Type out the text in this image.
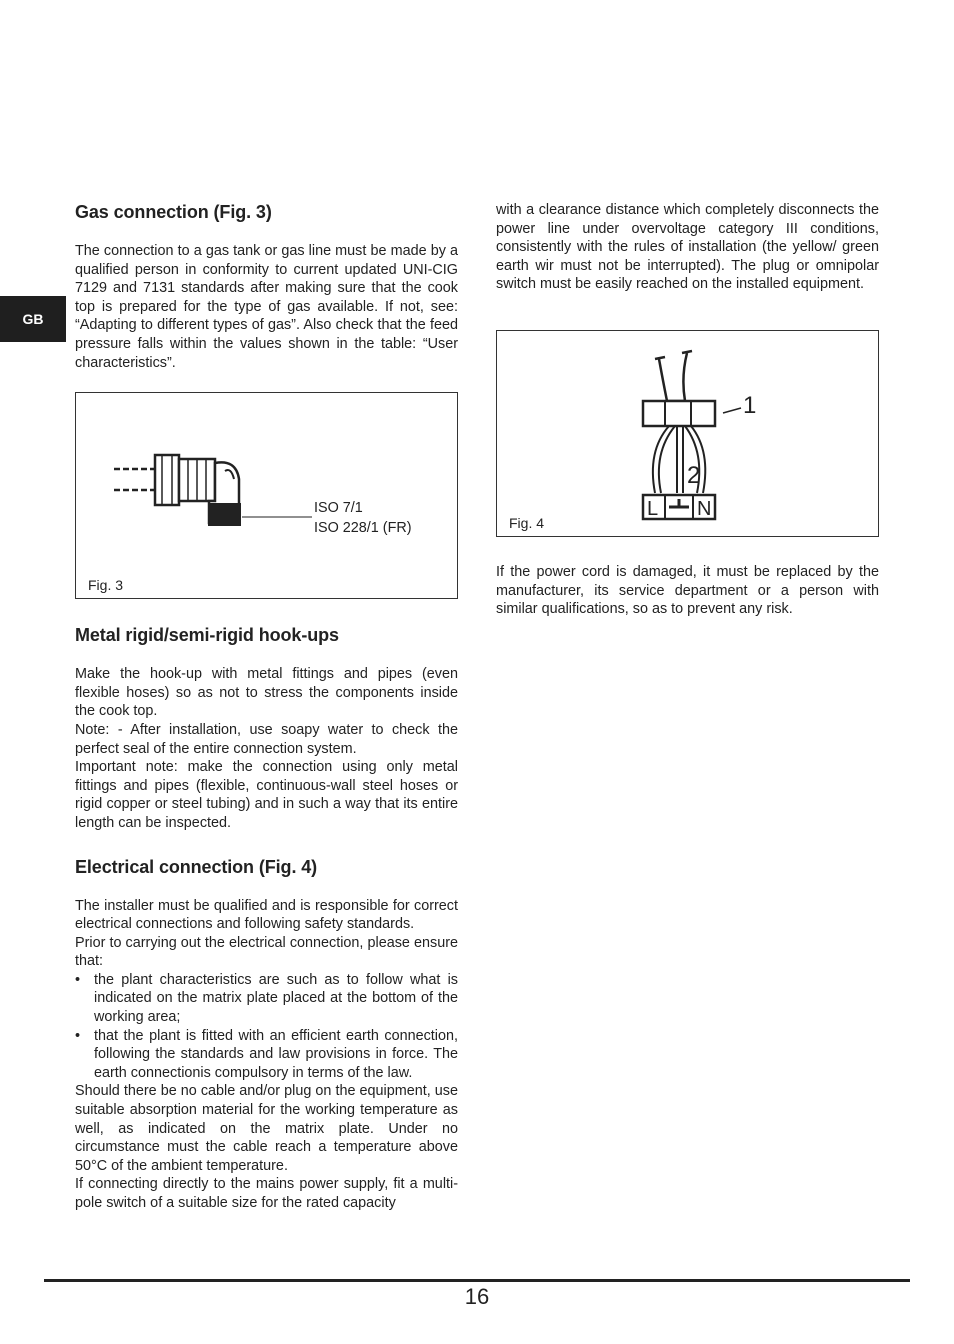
GB
Gas connection (Fig. 3)

The connection to a gas tank or gas line must be made by a qualified person in conformity to current updated UNI-CIG 7129 and 7131 standards after making sure that the cook top is prepared for the type of gas available. If not, see: “Adapting to different types of gas”. Also check that the feed pressure falls within the values shown in the table: “User characteristics”.

ISO 7/1
ISO 228/1 (FR)
Fig. 3
Metal rigid/semi-rigid hook-ups

Make the hook-up with metal fittings and pipes (even flexible hoses) so as not to stress the components inside the cook top.

Note: - After installation, use soapy water to check the perfect seal of the entire connection system.

Important note: make the connection using only metal fittings and pipes (flexible, continuous-wall steel hoses or rigid copper or steel tubing) and in such a way that its entire length can be inspected.

Electrical connection (Fig. 4)

The installer must be qualified and is responsible for correct electrical connections and following safety standards.

Prior to carrying out the electrical connection, please ensure that:

• the plant characteristics are such as to follow what is indicated on the matrix plate placed at the bottom of the working area;
• that the plant is fitted with an efficient earth connection, following the standards and law provisions in force. The earth connectionis compulsory in terms of the law.

Should there be no cable and/or plug on the equipment, use suitable absorption material for the working temperature as well, as indicated on the matrix plate. Under no circumstance must the cable reach a temperature above 50°C of the ambient temperature.

If connecting directly to the mains power supply, fit a multi-pole switch of a suitable size for the rated capacity

with a clearance distance which completely disconnects the power line under overvoltage category III conditions, consistently with the rules of installation (the yellow/ green earth wir must not be interrupted). The plug or omnipolar switch must be easily reached on the installed equipment.

1
2
L N
Fig. 4

If the power cord is damaged, it must be replaced by the manufacturer, its service department or a person with similar qualifications, so as to prevent any risk.

16
